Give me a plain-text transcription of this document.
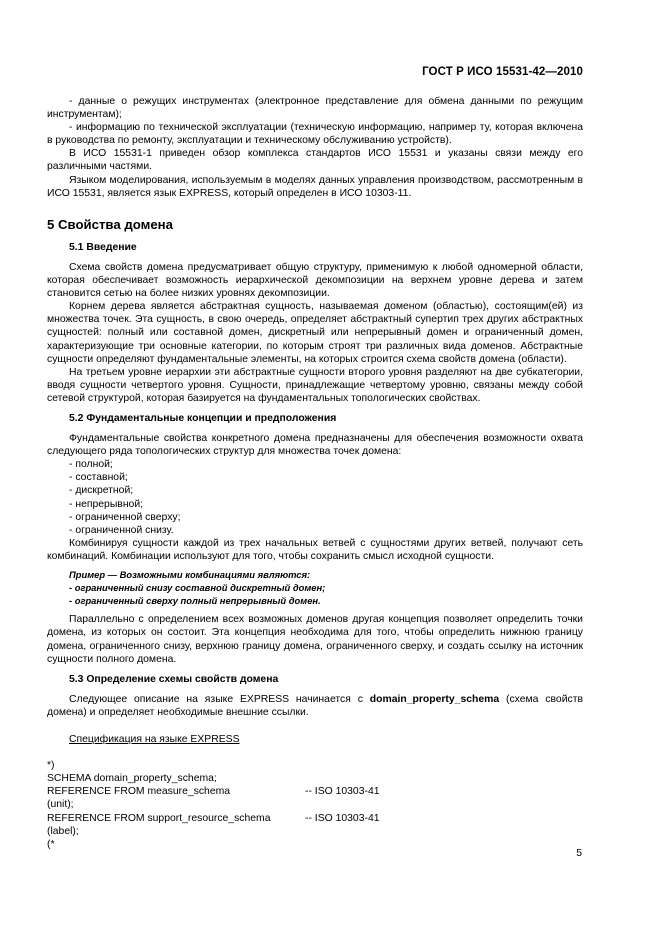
ГОСТ Р ИСО 15531-42—2010

- данные о режущих инструментах (электронное представление для обмена данными по режущим инструментам);

- информацию по технической эксплуатации (техническую информацию, например ту, которая включена в руководства по ремонту, эксплуатации и техническому обслуживанию устройств).

В ИСО 15531-1 приведен обзор комплекса стандартов ИСО 15531 и указаны связи между его различными частями.

Языком моделирования, используемым в моделях данных управления производством, рассмотренным в ИСО 15531, является язык EXPRESS, который определен в ИСО 10303-11.

5 Свойства домена
5.1 Введение

Схема свойств домена предусматривает общую структуру, применимую к любой одномерной области, которая обеспечивает возможность иерархической декомпозиции на верхнем уровне дерева и затем становится сетью на более низких уровнях декомпозиции.

Корнем дерева является абстрактная сущность, называемая доменом (областью), состоящим(ей) из множества точек. Эта сущность, в свою очередь, определяет абстрактный супертип трех других абстрактных сущностей: полный или составной домен, дискретный или непрерывный домен и ограниченный домен, характеризующие три основные категории, по которым строят три различных вида доменов. Абстрактные сущности определяют фундаментальные элементы, на которых строится схема свойств домена (области).

На третьем уровне иерархии эти абстрактные сущности второго уровня разделяют на две субкатегории, вводя сущности четвертого уровня. Сущности, принадлежащие четвертому уровню, связаны между собой сетевой структурой, которая базируется на фундаментальных топологических свойствах.

5.2 Фундаментальные концепции и предположения

Фундаментальные свойства конкретного домена предназначены для обеспечения возможности охвата следующего ряда топологических структур для множества точек домена:

- полной;
- составной;
- дискретной;
- непрерывной;
- ограниченной сверху;
- ограниченной снизу.

Комбинируя сущности каждой из трех начальных ветвей с сущностями других ветвей, получают сеть комбинаций. Комбинации используют для того, чтобы сохранить смысл исходной сущности.

Пример — Возможными комбинациями являются:
- ограниченный снизу составной дискретный домен;
- ограниченный сверху полный непрерывный домен.

Параллельно с определением всех возможных доменов другая концепция позволяет определить точки домена, из которых он состоит. Эта концепция необходима для того, чтобы определить нижнюю границу домена, ограниченного снизу, верхнюю границу домена, ограниченного сверху, и создать ссылку на источник сущности полного домена.

5.3 Определение схемы свойств домена

Следующее описание на языке EXPRESS начинается с domain_property_schema (схема свойств домена) и определяет необходимые внешние ссылки.

Спецификация на языке EXPRESS
*)
SCHEMA domain_property_schema;
REFERENCE FROM measure_schema	-- ISO 10303-41
(unit);
REFERENCE FROM support_resource_schema	-- ISO 10303-41
(label);
(*
5
